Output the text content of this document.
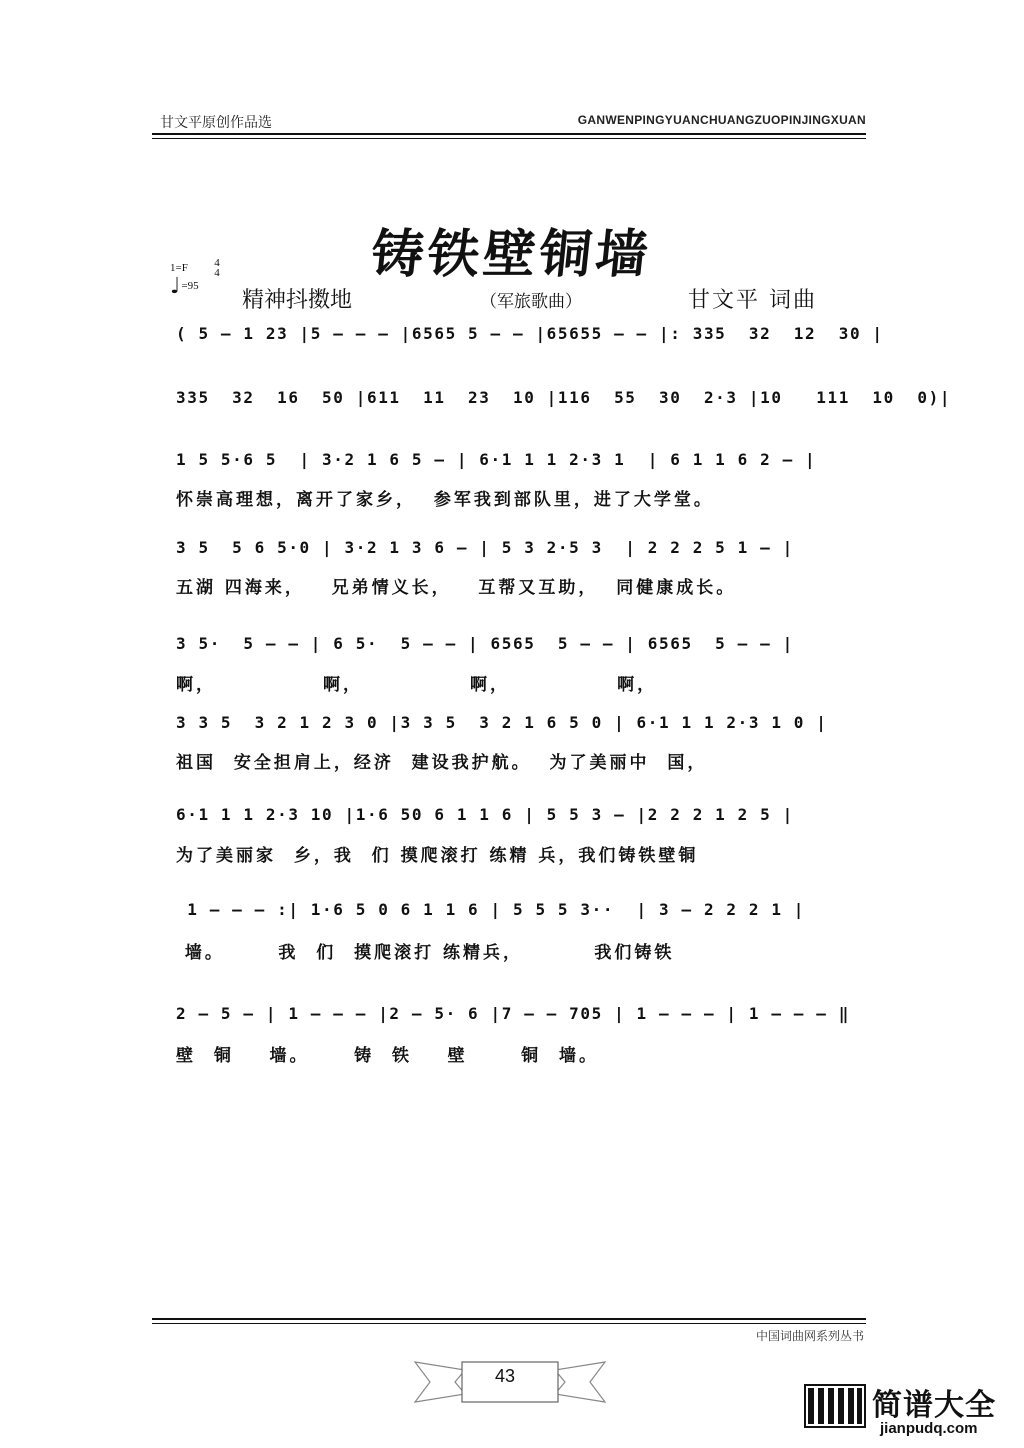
甘文平原创作品选	GANWENPINGYUANCHUANGZUOPINJINGXUAN
铸铁壁铜墙
1=F	4
4
♩=95
精神抖擞地	（军旅歌曲）	甘文平 词曲
( 5 – 1 23 |5 – – – |6565 5 – – |65655 – – |: 335  32  12  30 |
335  32  16  50 |611  11  23  10 |116  55  30  2·3 |10   111  10  0)|
1 5 5·6 5  | 3·2 1 6 5 – | 6·1 1 1 2·3 1  | 6 1 1 6 2 – |
怀崇高理想，离开了家乡，  参军我到部队里，进了大学堂。
3 5  5 6 5·0 | 3·2 1 3 6 – | 5 3 2·5 3  | 2 2 2 5 1 – |
五湖 四海来，   兄弟情义长，   互帮又互助，  同健康成长。
3 5·  5 – – | 6 5·  5 – – | 6565  5 – – | 6565  5 – – |
啊，            啊，            啊，            啊，
3 3 5  3 2 1 2 3 0 |3 3 5  3 2 1 6 5 0 | 6·1 1 1 2·3 1 0 |
祖国  安全担肩上，经济  建设我护航。  为了美丽中  国，
6·1 1 1 2·3 10 |1·6 50 6 1 1 6 | 5 5 3 – |2 2 2 1 2 5 |
为了美丽家  乡，我  们 摸爬滚打 练精 兵，我们铸铁壁铜
1 – – – :| 1·6 5 0 6 1 1 6 | 5 5 5 3··  | 3 – 2 2 2 1 |
墙。      我  们  摸爬滚打 练精兵，        我们铸铁
2 – 5 – | 1 – – – |2 – 5· 6 |7 – – 705 | 1 – – – | 1 – – – ‖
壁  铜    墙。     铸  铁    壁      铜  墙。
中国词曲网系列丛书
43
简谱大全
jianpudq.com
